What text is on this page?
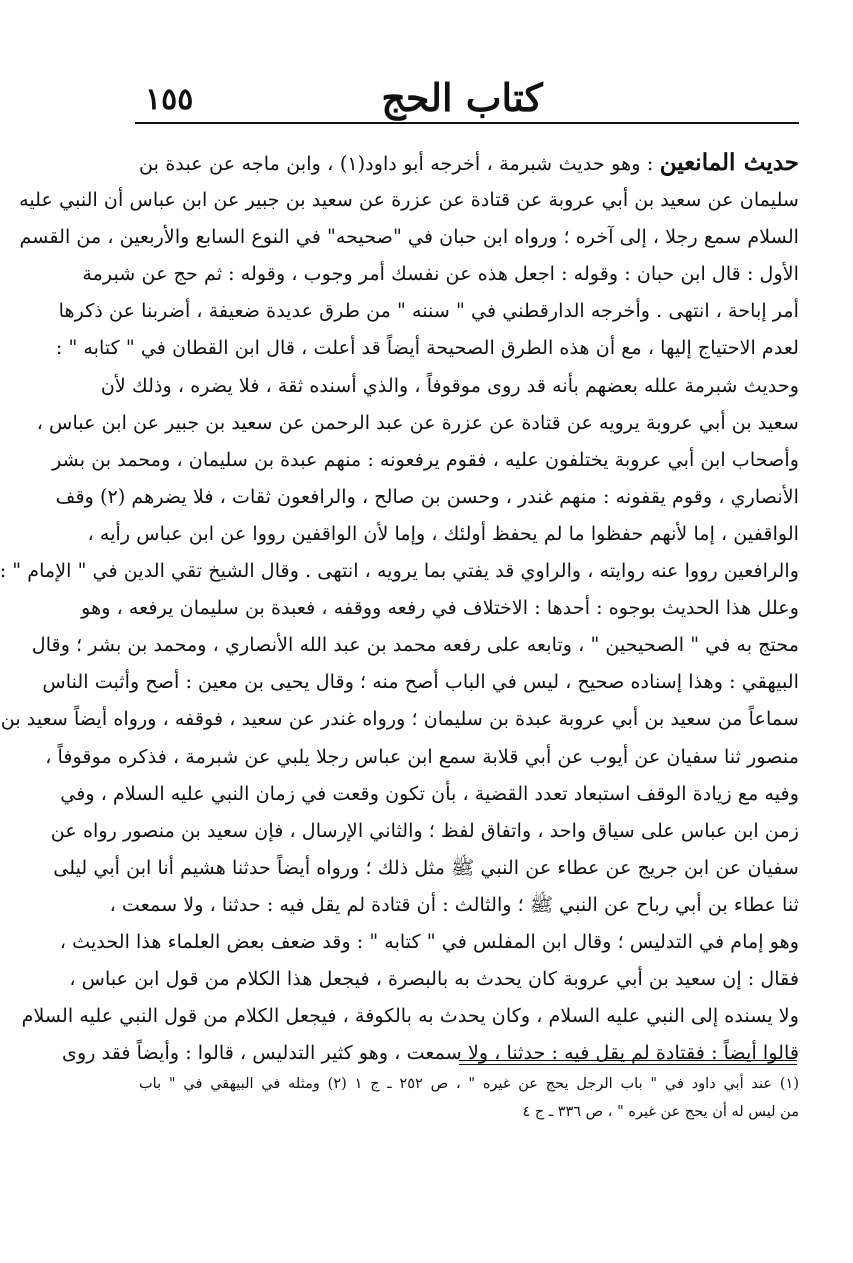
كتاب الحج
١٥٥
حديث المانعين : وهو حديث شبرمة ، أخرجه أبو داود(١) ، وابن ماجه عن عبدة بن
سليمان عن سعيد بن أبي عروبة عن قتادة عن عزرة عن سعيد بن جبير عن ابن عباس أن النبي عليه
السلام سمع رجلا ، إلى آخره ؛ ورواه ابن حبان في "صحيحه" في النوع السابع والأربعين ، من القسم
الأول : قال ابن حبان : وقوله : اجعل هذه عن نفسك أمر وجوب ، وقوله : ثم حج عن شبرمة
أمر إباحة ، انتهى . وأخرجه الدارقطني في " سننه " من طرق عديدة ضعيفة ، أضربنا عن ذكرها
لعدم الاحتياج إليها ، مع أن هذه الطرق الصحيحة أيضاً قد أعلت ، قال ابن القطان في " كتابه " :
وحديث شبرمة علله بعضهم بأنه قد روى موقوفاً ، والذي أسنده ثقة ، فلا يضره ، وذلك لأن
سعيد بن أبي عروبة يرويه عن قتادة عن عزرة عن عبد الرحمن عن سعيد بن جبير عن ابن عباس ،
وأصحاب ابن أبي عروبة يختلفون عليه ، فقوم يرفعونه : منهم عبدة بن سليمان ، ومحمد بن بشر
الأنصاري ، وقوم يقفونه : منهم غندر ، وحسن بن صالح ، والرافعون ثقات ، فلا يضرهم (٢) وقف
الواقفين ، إما لأنهم حفظوا ما لم يحفظ أولئك ، وإما لأن الواقفين رووا عن ابن عباس رأيه ،
والرافعين رووا عنه روايته ، والراوي قد يفتي بما يرويه ، انتهى . وقال الشيخ تقي الدين في " الإمام " :
وعلل هذا الحديث بوجوه : أحدها : الاختلاف في رفعه ووقفه ، فعبدة بن سليمان يرفعه ، وهو
محتج به في " الصحيحين " ، وتابعه على رفعه محمد بن عبد الله الأنصاري ، ومحمد بن بشر ؛ وقال
البيهقي : وهذا إسناده صحيح ، ليس في الباب أصح منه ؛ وقال يحيى بن معين : أصح وأثبت الناس
سماعاً من سعيد بن أبي عروبة عبدة بن سليمان ؛ ورواه غندر عن سعيد ، فوقفه ، ورواه أيضاً سعيد بن
منصور ثنا سفيان عن أيوب عن أبي قلابة سمع ابن عباس رجلا يلبي عن شبرمة ، فذكره موقوفاً ،
وفيه مع زيادة الوقف استبعاد تعدد القضية ، بأن تكون وقعت في زمان النبي عليه السلام ، وفي
زمن ابن عباس على سياق واحد ، واتفاق لفظ ؛ والثاني الإرسال ، فإن سعيد بن منصور رواه عن
سفيان عن ابن جريج عن عطاء عن النبي ﷺ مثل ذلك ؛ ورواه أيضاً حدثنا هشيم أنا ابن أبي ليلى
ثنا عطاء بن أبي رباح عن النبي ﷺ ؛ والثالث : أن قتادة لم يقل فيه : حدثنا ، ولا سمعت ،
وهو إمام في التدليس ؛ وقال ابن المفلس في " كتابه " : وقد ضعف بعض العلماء هذا الحديث ،
فقال : إن سعيد بن أبي عروبة كان يحدث به بالبصرة ، فيجعل هذا الكلام من قول ابن عباس ،
ولا يسنده إلى النبي عليه السلام ، وكان يحدث به بالكوفة ، فيجعل الكلام من قول النبي عليه السلام
قالوا أيضاً : فقتادة لم يقل فيه : حدثنا ، ولا سمعت ، وهو كثير التدليس ، قالوا : وأيضاً فقد روى
(١) عند أبي داود في " باب الرجل يحج عن غيره " ، ص ٢٥٢ ـ ج ١ (٢) ومثله في البيهقي في " باب
من ليس له أن يحج عن غيره " ، ص ٣٣٦ ـ ج ٤
